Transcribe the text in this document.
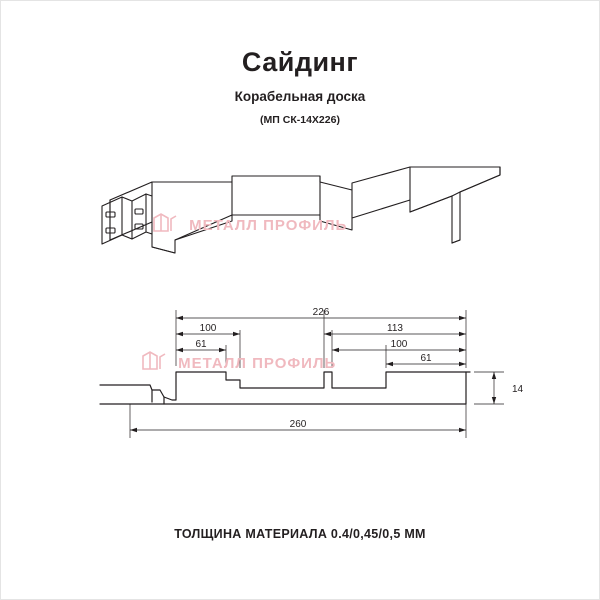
Сайдинг
Корабельная доска
(МП СК-14Х226)
226
100
61
113
100
61
260
14
МЕТАЛЛ ПРОФИЛЬ
МЕТАЛЛ ПРОФИЛЬ
ТОЛЩИНА МАТЕРИАЛА 0.4/0,45/0,5 ММ
